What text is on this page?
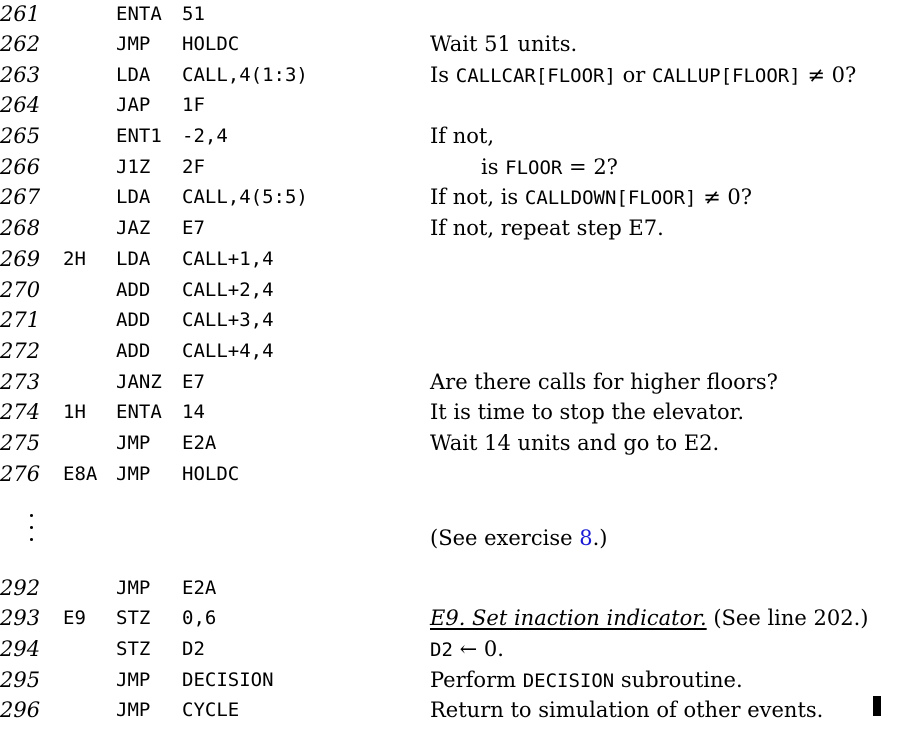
261	ENTA 51
262	JMP HOLDC	Wait 51 units.
263	LDA CALL,4(1:3)	Is CALLCAR[FLOOR] or CALLUP[FLOOR] ≠ 0?
264	JAP 1F
265	ENT1 -2,4	If not,
266	J1Z 2F	is FLOOR = 2?
267	LDA CALL,4(5:5)	If not, is CALLDOWN[FLOOR] ≠ 0?
268	JAZ E7	If not, repeat step E7.
269 2H LDA CALL+1,4
270	ADD CALL+2,4
271	ADD CALL+3,4
272	ADD CALL+4,4
273	JANZ E7	Are there calls for higher floors?
274 1H ENTA 14	It is time to stop the elevator.
275	JMP E2A	Wait 14 units and go to E2.
276 E8A JMP HOLDC
(See exercise 8.)
292	JMP E2A
293 E9 STZ 0,6	E9. Set inaction indicator. (See line 202.)
294	STZ D2	D2 ← 0.
295	JMP DECISION	Perform DECISION subroutine.
296	JMP CYCLE	Return to simulation of other events.
